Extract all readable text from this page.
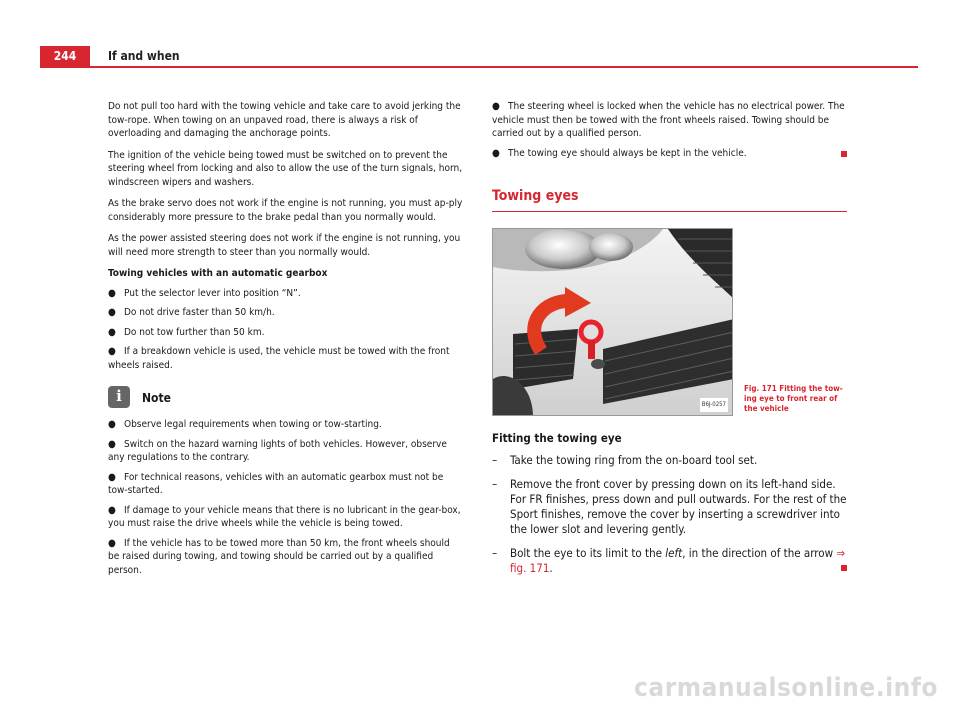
244	If and when

Do not pull too hard with the towing vehicle and take care to avoid jerking the tow-rope. When towing on an unpaved road, there is always a risk of overloading and damaging the anchorage points.

The ignition of the vehicle being towed must be switched on to prevent the steering wheel from locking and also to allow the use of the turn signals, horn, windscreen wipers and washers.

As the brake servo does not work if the engine is not running, you must ap-ply considerably more pressure to the brake pedal than you normally would.

As the power assisted steering does not work if the engine is not running, you will need more strength to steer than you normally would.

Towing vehicles with an automatic gearbox

● Put the selector lever into position “N”.
● Do not drive faster than 50 km/h.
● Do not tow further than 50 km.
● If a breakdown vehicle is used, the vehicle must be towed with the front wheels raised.
i	Note
● Observe legal requirements when towing or tow-starting.
● Switch on the hazard warning lights of both vehicles. However, observe any regulations to the contrary.
● For technical reasons, vehicles with an automatic gearbox must not be tow-started.
● If damage to your vehicle means that there is no lubricant in the gear-box, you must raise the drive wheels while the vehicle is being towed.
● If the vehicle has to be towed more than 50 km, the front wheels should be raised during towing, and towing should be carried out by a qualified person.
● The steering wheel is locked when the vehicle has no electrical power. The vehicle must then be towed with the front wheels raised. Towing should be carried out by a qualified person.
● The towing eye should always be kept in the vehicle.
Towing eyes
B6J-0257
Fig. 171 Fitting the tow-ing eye to front rear of the vehicle
Fitting the towing eye
–	Take the towing ring from the on-board tool set.
–	Remove the front cover by pressing down on its left-hand side. For FR finishes, press down and pull outwards. For the rest of the Sport finishes, remove the cover by inserting a screwdriver into the lower slot and levering gently.
–	Bolt the eye to its limit to the left, in the direction of the arrow ⇒ fig. 171.
carmanualsonline.info
